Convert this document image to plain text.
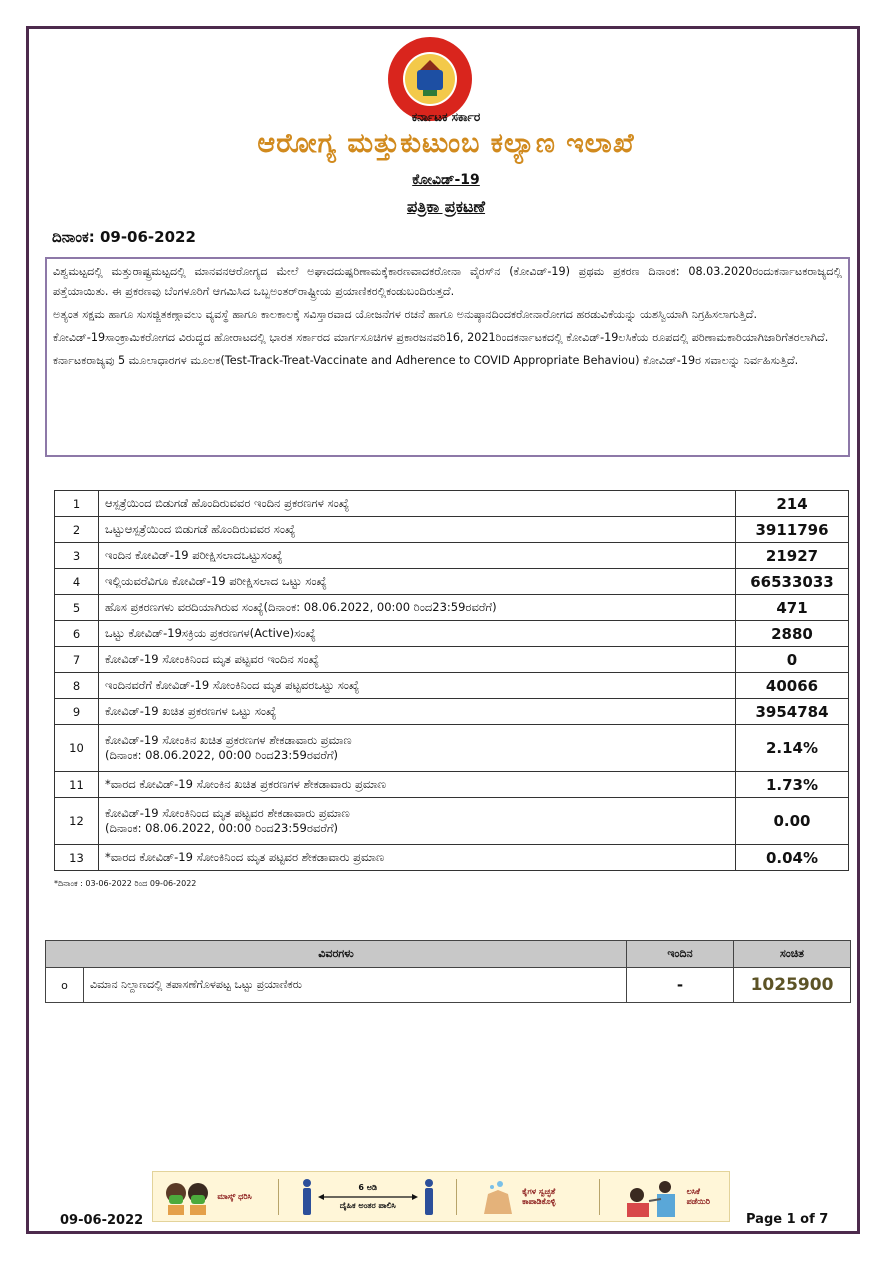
ಕರ್ನಾಟಕ ಸರ್ಕಾರ
ಆರೋಗ್ಯ ಮತ್ತುಕುಟುಂಬ ಕಲ್ಯಾಣ ಇಲಾಖೆ
ಕೋವಿಡ್-19
ಪತ್ರಿಕಾ ಪ್ರಕಟಣೆ
ದಿನಾಂಕ: 09-06-2022

ವಿಶ್ವಮಟ್ಟದಲ್ಲಿ ಮತ್ತುರಾಷ್ಟ್ರಮಟ್ಟದಲ್ಲಿ ಮಾನವನಆರೋಗ್ಯದ ಮೇಲೆ ಅಘಾದದುಷ್ಪರಿಣಾಮಕ್ಕೆಕಾರಣವಾದಕರೋನಾ ವೈರಸ್‌ನ (ಕೋವಿಡ್-19) ಪ್ರಥಮ ಪ್ರಕರಣ ದಿನಾಂಕ: 08.03.2020ರಂದುಕರ್ನಾಟಕರಾಜ್ಯದಲ್ಲಿ ಪತ್ತೆಯಾಯಿತು. ಈ ಪ್ರಕರಣವು ಬೆಂಗಳೂರಿಗೆ ಆಗಮಿಸಿದ ಒಬ್ಬಅಂತರ್‌ರಾಷ್ಟ್ರೀಯ ಪ್ರಯಾಣಿಕರಲ್ಲಿಕಂಡುಬಂದಿರುತ್ತದೆ.

ಅತ್ಯಂತ ಸಕ್ಷಮ ಹಾಗೂ ಸುಸಜ್ಜಿತಕಣ್ಗಾವಲು ವ್ಯವಸ್ಥೆ ಹಾಗೂ ಕಾಲಕಾಲಕ್ಕೆ ಸವಿಸ್ತಾರವಾದ ಯೋಜನೆಗಳ ರಚನೆ ಹಾಗೂ ಅನುಷ್ಠಾನದಿಂದಕರೋನಾರೋಗದ ಹರಡುವಿಕೆಯನ್ನು ಯಶಸ್ವಿಯಾಗಿ ನಿಗ್ರಹಿಸಲಾಗುತ್ತಿದೆ.

ಕೋವಿಡ್-19ಸಾಂಕ್ರಾಮಿಕರೋಗದ ವಿರುದ್ಧದ ಹೋರಾಟದಲ್ಲಿ ಭಾರತ ಸರ್ಕಾರದ ಮಾರ್ಗಸೂಚಿಗಳ ಪ್ರಕಾರಜನವರಿ16, 2021ರಿಂದಕರ್ನಾಟಕದಲ್ಲಿ ಕೋವಿಡ್-19ಲಸಿಕೆಯ ರೂಪದಲ್ಲಿ ಪರಿಣಾಮಕಾರಿಯಾಗಿಜಾರಿಗೆತರಲಾಗಿದೆ.

ಕರ್ನಾಟಕರಾಜ್ಯವು 5 ಮೂಲಾಧಾರಗಳ ಮೂಲಕ(Test-Track-Treat-Vaccinate and Adherence to COVID Appropriate Behaviou) ಕೋವಿಡ್-19ರ ಸವಾಲನ್ನು ನಿರ್ವಹಿಸುತ್ತಿದೆ.

1	ಆಸ್ಪತ್ರೆಯಿಂದ ಬಿಡುಗಡೆ ಹೊಂದಿರುವವರ ಇಂದಿನ ಪ್ರಕರಣಗಳ ಸಂಖ್ಯೆ	214
2	ಒಟ್ಟುಆಸ್ಪತ್ರೆಯಿಂದ ಬಿಡುಗಡೆ ಹೊಂದಿರುವವರ ಸಂಖ್ಯೆ	3911796
3	ಇಂದಿನ ಕೋವಿಡ್-19 ಪರೀಕ್ಷಿಸಲಾದಒಟ್ಟುಸಂಖ್ಯೆ	21927
4	ಇಲ್ಲಿಯವರೆವಿಗೂ ಕೋವಿಡ್-19 ಪರೀಕ್ಷಿಸಲಾದ ಒಟ್ಟು ಸಂಖ್ಯೆ	66533033
5	ಹೊಸ ಪ್ರಕರಣಗಳು ವರದಿಯಾಗಿರುವ ಸಂಖ್ಯೆ(ದಿನಾಂಕ: 08.06.2022, 00:00 ರಿಂದ23:59ರವರೆಗೆ)	471
6	ಒಟ್ಟು ಕೋವಿಡ್-19ಸಕ್ರಿಯ ಪ್ರಕರಣಗಳ(Active)ಸಂಖ್ಯೆ	2880
7	ಕೋವಿಡ್-19 ಸೋಂಕಿನಿಂದ ಮೃತ ಪಟ್ಟವರ ಇಂದಿನ ಸಂಖ್ಯೆ	0
8	ಇಂದಿನವರೆಗೆ ಕೋವಿಡ್-19 ಸೋಂಕಿನಿಂದ ಮೃತ ಪಟ್ಟವರಒಟ್ಟು ಸಂಖ್ಯೆ	40066
9	ಕೋವಿಡ್-19 ಖಚಿತ ಪ್ರಕರಣಗಳ ಒಟ್ಟು ಸಂಖ್ಯೆ	3954784
10	ಕೋವಿಡ್-19 ಸೋಂಕಿನ ಖಚಿತ ಪ್ರಕರಣಗಳ ಶೇಕಡಾವಾರು ಪ್ರಮಾಣ
(ದಿನಾಂಕ: 08.06.2022, 00:00 ರಿಂದ23:59ರವರೆಗೆ)	2.14%
11	*ವಾರದ ಕೋವಿಡ್-19 ಸೋಂಕಿನ ಖಚಿತ ಪ್ರಕರಣಗಳ ಶೇಕಡಾವಾರು ಪ್ರಮಾಣ	1.73%
12	ಕೋವಿಡ್-19 ಸೋಂಕಿನಿಂದ ಮೃತ ಪಟ್ಟವರ ಶೇಕಡಾವಾರು ಪ್ರಮಾಣ
(ದಿನಾಂಕ: 08.06.2022, 00:00 ರಿಂದ23:59ರವರೆಗೆ)	0.00
13	*ವಾರದ ಕೋವಿಡ್-19 ಸೋಂಕಿನಿಂದ ಮೃತ ಪಟ್ಟವರ ಶೇಕಡಾವಾರು ಪ್ರಮಾಣ	0.04%
*ದಿನಾಂಕ : 03-06-2022 ರಿಂದ 09-06-2022
ವಿವರಗಳು		ಇಂದಿನ	ಸಂಚಿತ
o	ವಿಮಾನ ನಿಲ್ದಾಣದಲ್ಲಿ ತಪಾಸಣೆಗೊಳಪಟ್ಟ ಒಟ್ಟು ಪ್ರಯಾಣಿಕರು	-	1025900
ಮಾಸ್ಕ್ ಧರಿಸಿ
6 ಅಡಿ
ದೈಹಿಕ ಅಂತರ ಪಾಲಿಸಿ
ಕೈಗಳ ಸ್ವಚ್ಛತೆ ಕಾಪಾಡಿಕೊಳ್ಳಿ
ಲಸಿಕೆ ಪಡೆಯಿರಿ
09-06-2022	Page 1 of 7
